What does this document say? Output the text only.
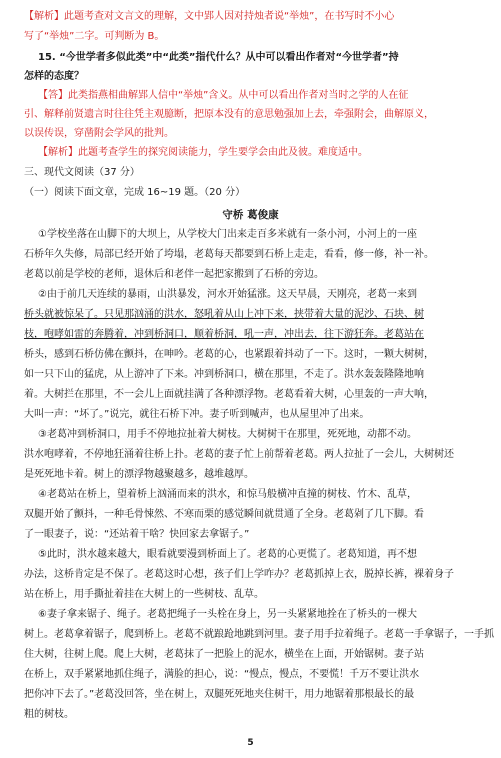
【解析】此题考查对文言文的理解，文中郢人因对持烛者说“举烛”，在书写时不小心
写了“举烛”二字。可判断为 B。
15. “今世学者多似此类”中“此类”指代什么？从中可以看出作者对“今世学者”持
怎样的态度？
【答】此类指燕相曲解郢人信中“举烛”含义。从中可以看出作者对当时之学的人在征
引、解释前贤遗言时往往凭主观臆断，把原本没有的意思勉强加上去，牵强附会，曲解原义，
以误传误，穿凿附会学风的批判。
【解析】此题考查学生的探究阅读能力，学生要学会由此及彼。难度适中。
三、现代文阅读（37 分）
（一）阅读下面文章，完成 16~19 题。（20 分）
守桥 葛俊康
①学校坐落在山脚下的大坝上，从学校大门出来走百多米就有一条小河，小河上的一座
石桥年久失修，局部已经开始了垮塌，老葛每天都要到石桥上走走，看看，修一修，补一补。
老葛以前是学校的老师，退休后和老伴一起把家搬到了石桥的旁边。
②由于前几天连续的暴雨，山洪暴发，河水开始猛涨。这天早晨，天刚亮，老葛一来到
桥头就被惊呆了。只见那汹涌的洪水，怒吼着从山上冲下来，挟带着大量的泥沙、石块、树
枝，咆哮如雷的奔腾着，冲到桥洞口，顺着桥洞，吼一声，冲出去，往下游狂奔。老葛站在
桥头，感到石桥仿佛在颤抖，在呻吟。老葛的心，也紧跟着抖动了一下。这时，一颗大树树，
如一只下山的猛虎，从上游冲了下来。冲到桥洞口，横在那里，不走了。洪水轰轰隆隆地响
着。大树拦在那里，不一会儿上面就挂满了各种漂浮物。老葛看着大树，心里轰的一声大响，
大叫一声：“坏了。”说完，就往石桥下冲。妻子听到喊声，也从屋里冲了出来。
③老葛冲到桥洞口，用手不停地拉扯着大树枝。大树树干在那里，死死地，动都不动。
洪水咆哮着，不停地狂涌着往桥上扑。老葛的妻子忙上前帮着老葛。两人拉扯了一会儿，大树树还
是死死地卡着。树上的漂浮物越聚越多，越堆越厚。
④老葛站在桥上，望着桥上汹涌而来的洪水，和惊马般横冲直撞的树枝、竹木、乱草，
双腿开始了颤抖，一种毛骨悚然、不寒而栗的感觉瞬间就贯通了全身。老葛剁了几下脚。看
了一眼妻子，说：“还站着干啥？快回家去拿锯子。”
⑤此时，洪水越来越大，眼看就要漫到桥面上了。老葛的心更慌了。老葛知道，再不想
办法，这桥肯定是不保了。老葛这时心想，孩子们上学咋办？老葛抓掉上衣，脱掉长裤，裸着身子
站在桥上，用手撕扯着挂在大树上的一些树枝、乱草。
⑥妻子拿来锯子、绳子。老葛把绳子一头栓在身上，另一头紧紧地拴在了桥头的一棵大
树上。老葛拿着锯子，爬到桥上。老葛不就踉跄地跳到河里。妻子用手拉着绳子。老葛一手拿锯子，一手抓
住大树，往树上爬。爬上大树，老葛抹了一把脸上的泥水，横坐在上面，开始锯树。妻子站
在桥上，双手紧紧地抓住绳子，满脸的担心，说：“慢点，慢点，不要慌！千万不要让洪水
把你冲下去了。”老葛没回答，坐在树上，双腿死死地夹住树干，用力地锯着那根最长的最
粗的树枝。
5
